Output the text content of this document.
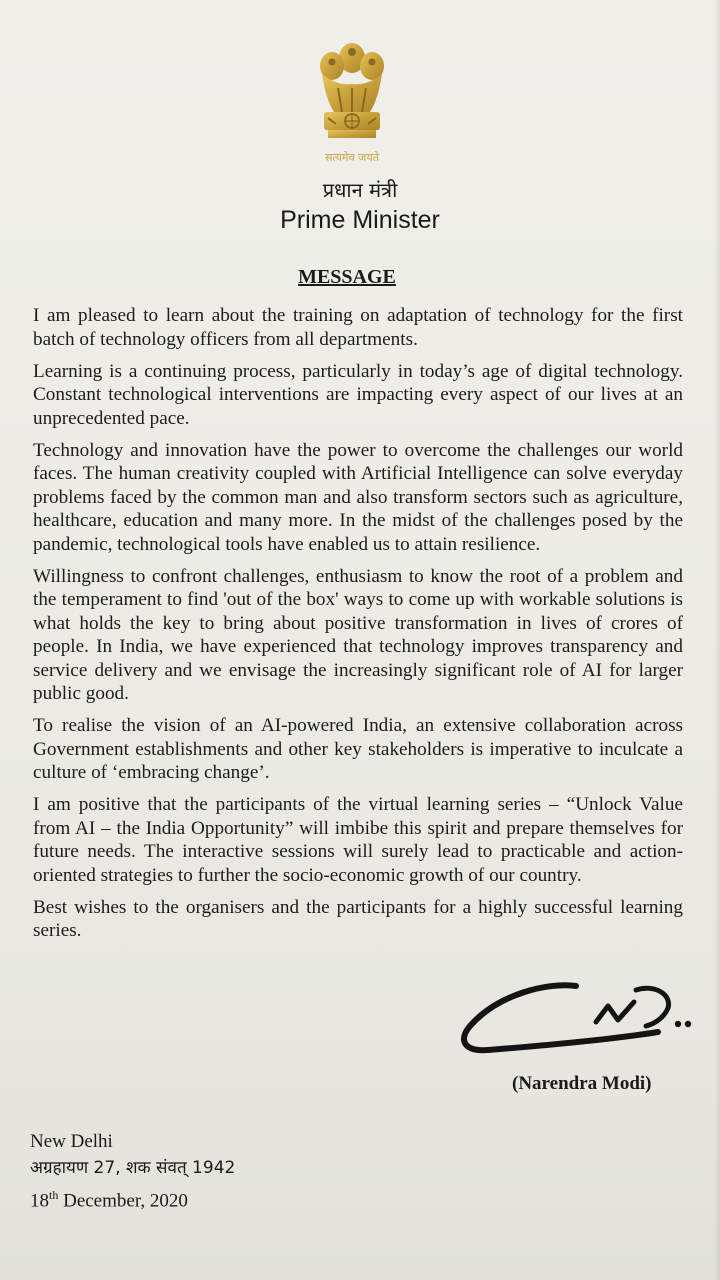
सत्यमेव जयते
प्रधान मंत्री
Prime Minister
MESSAGE

I am pleased to learn about the training on adaptation of technology for the first batch of technology officers from all departments.

Learning is a continuing process, particularly in today’s age of digital technology. Constant technological interventions are impacting every aspect of our lives at an unprecedented pace.

Technology and innovation have the power to overcome the challenges our world faces. The human creativity coupled with Artificial Intelligence can solve everyday problems faced by the common man and also transform sectors such as agriculture, healthcare, education and many more. In the midst of the challenges posed by the pandemic, technological tools have enabled us to attain resilience.

Willingness to confront challenges, enthusiasm to know the root of a problem and the temperament to find 'out of the box' ways to come up with workable solutions is what holds the key to bring about positive transformation in lives of crores of people. In India, we have experienced that technology improves transparency and service delivery and we envisage the increasingly significant role of AI for larger public good.

To realise the vision of an AI-powered India, an extensive collaboration across Government establishments and other key stakeholders is imperative to inculcate a culture of ‘embracing change’.

I am positive that the participants of the virtual learning series – “Unlock Value from AI – the India Opportunity” will imbibe this spirit and prepare themselves for future needs. The interactive sessions will surely lead to practicable and action-oriented strategies to further the socio-economic growth of our country.

Best wishes to the organisers and the participants for a highly successful learning series.

(Narendra Modi)
New Delhi
अग्रहायण 27, शक संवत् 1942
18th December, 2020
